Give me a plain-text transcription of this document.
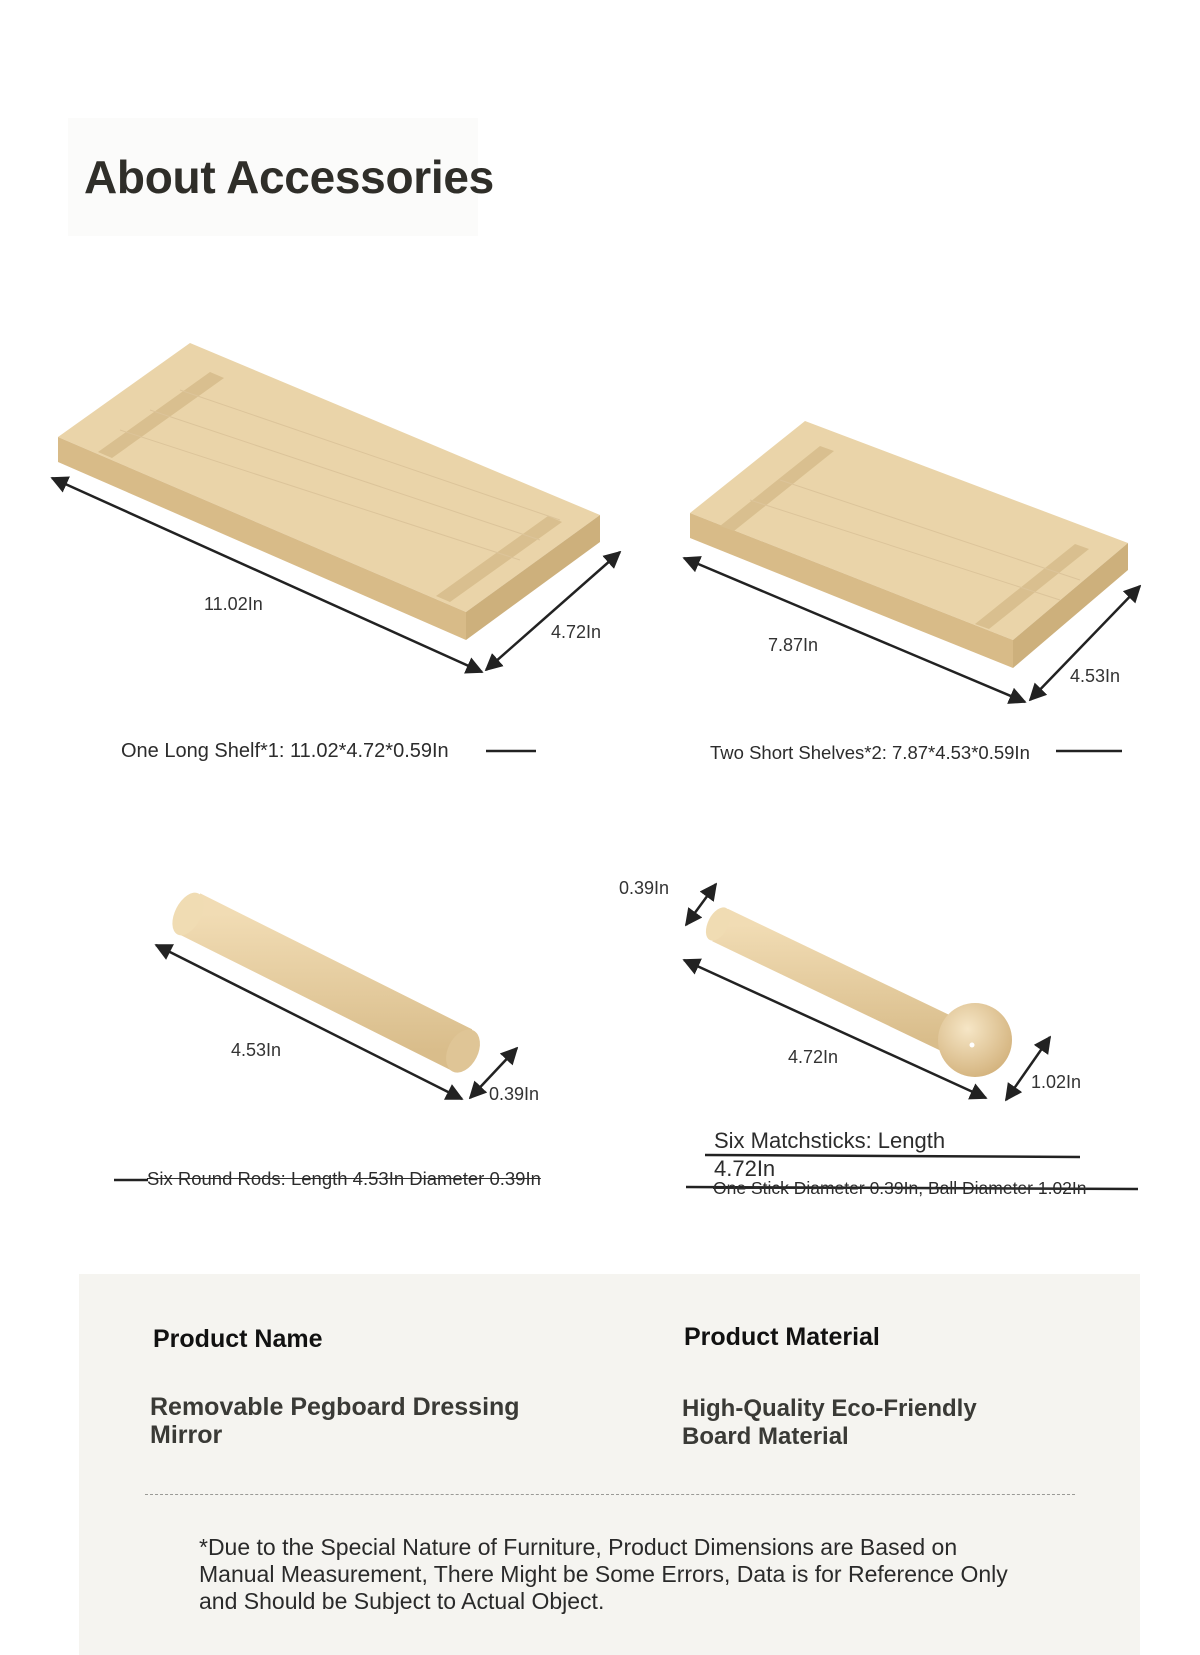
About Accessories
11.02In
4.72In
One Long Shelf*1: 11.02*4.72*0.59In
7.87In
4.53In
Two Short Shelves*2: 7.87*4.53*0.59In
4.53In
0.39In
Six Round Rods: Length 4.53In Diameter 0.39In
0.39In
4.72In
1.02In
Six Matchsticks: Length
4.72In
One Stick Diameter 0.39In, Ball Diameter 1.02In
Product Name	Product Material
Removable Pegboard Dressing Mirror
High-Quality Eco-Friendly Board Material
*Due to the Special Nature of Furniture, Product Dimensions are Based on Manual Measurement, There Might be Some Errors, Data is for Reference Only and Should be Subject to Actual Object.
